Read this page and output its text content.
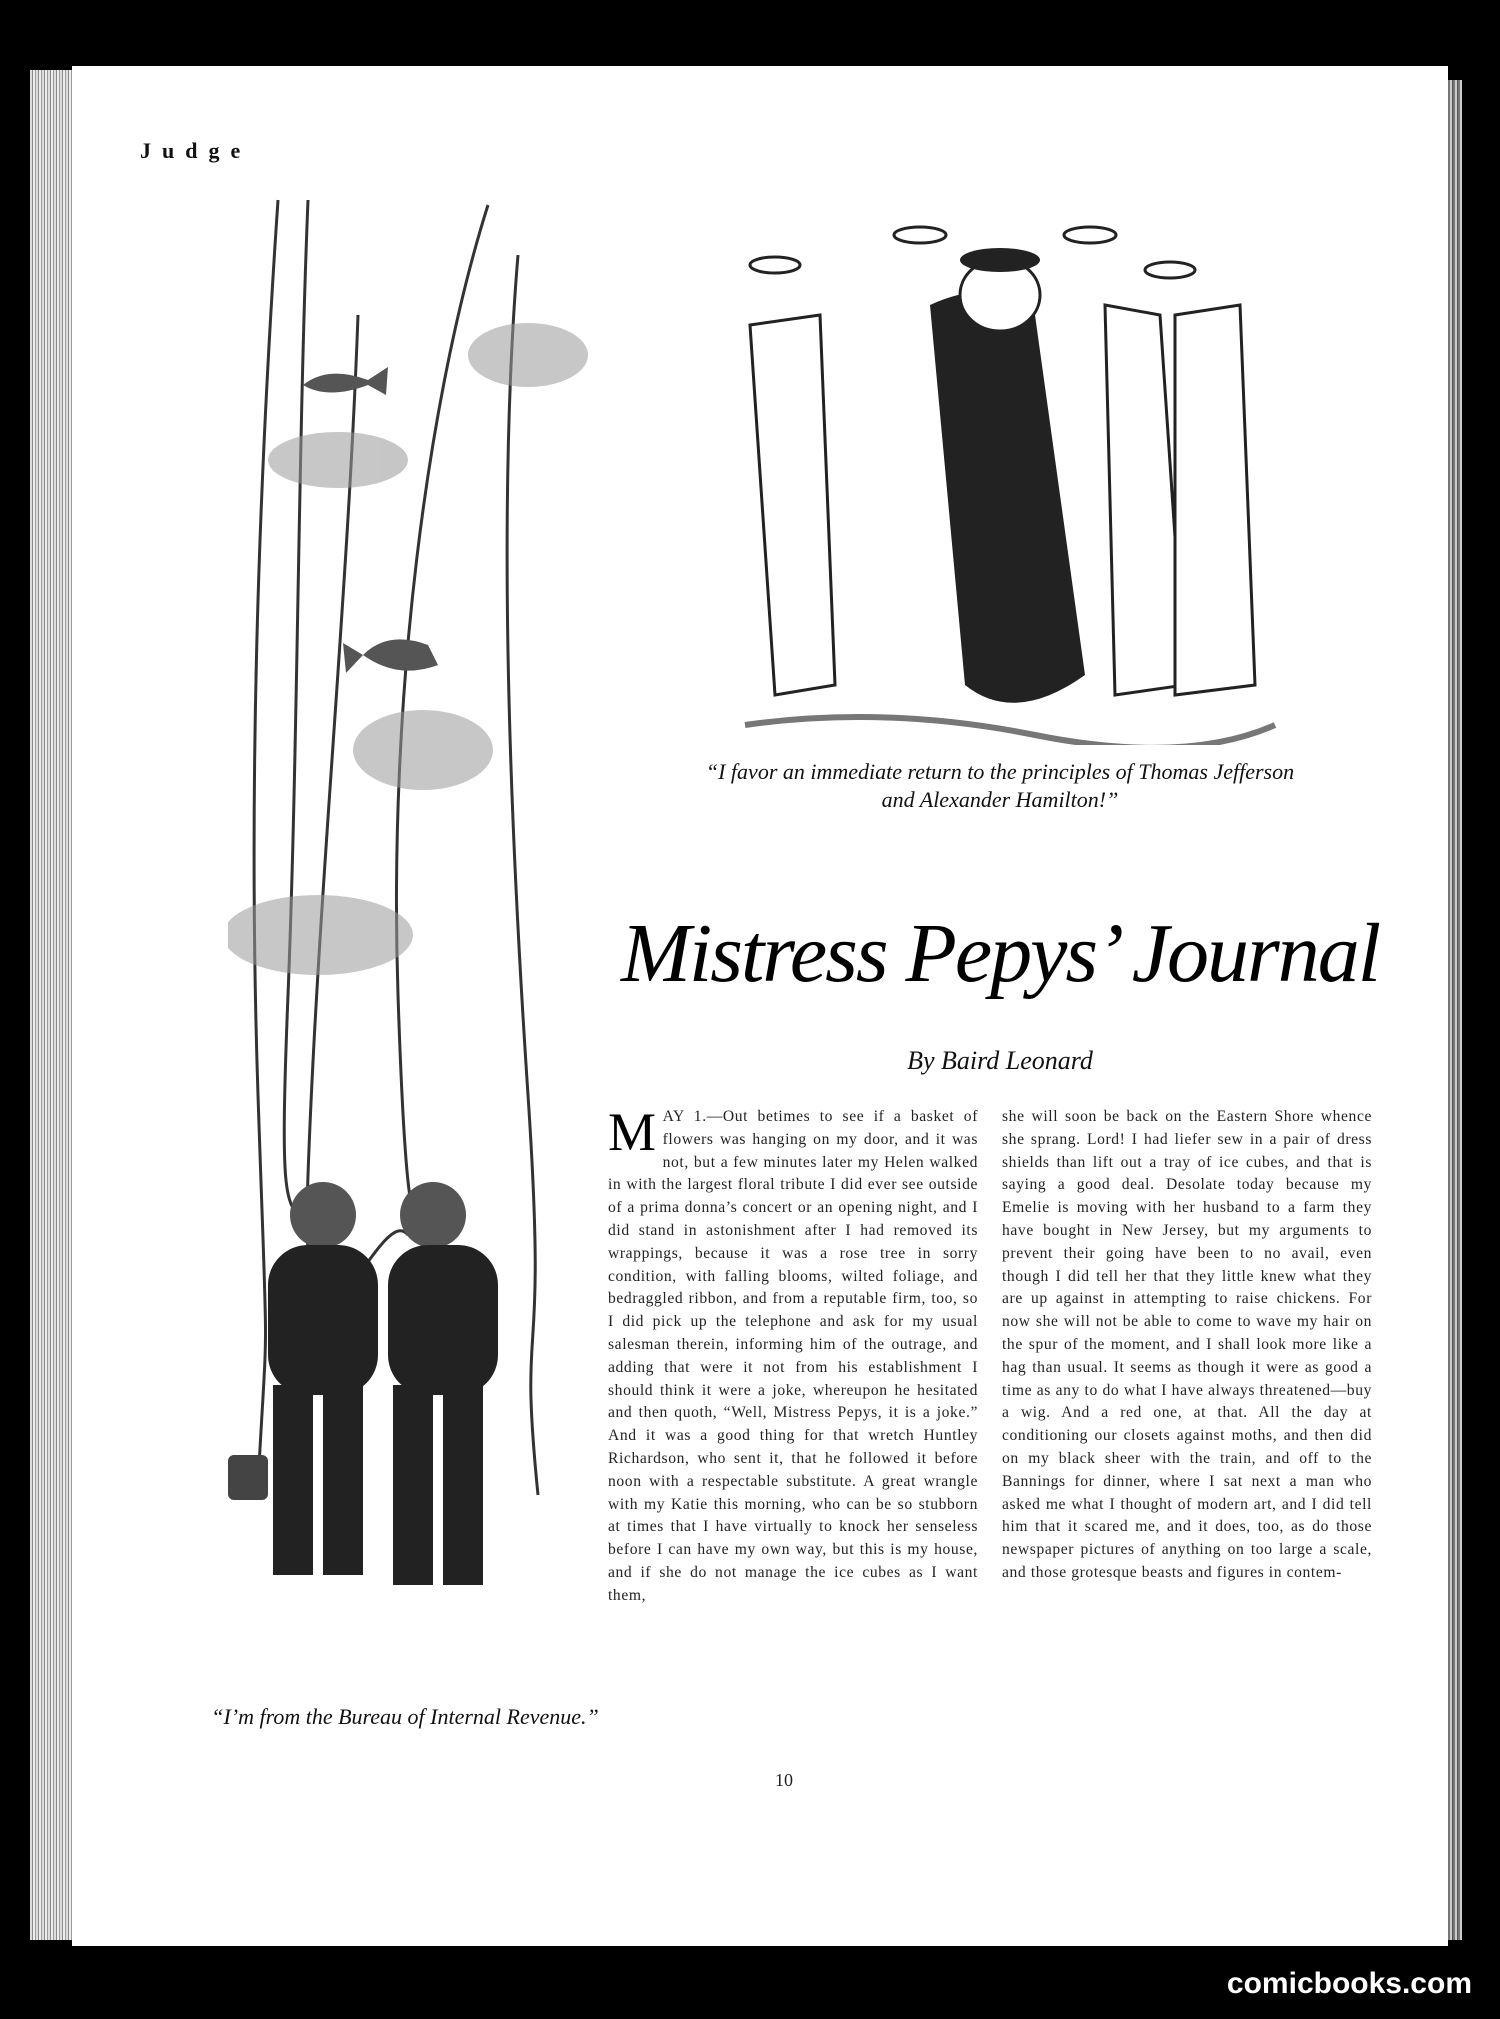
Judge
“I’m from the Bureau of Internal Revenue.”
“I favor an immediate return to the principles of Thomas Jefferson and Alexander Hamilton!”
Mistress Pepys’ Journal
By Baird Leonard

MAY 1.—Out betimes to see if a basket of flowers was hanging on my door, and it was not, but a few minutes later my Helen walked in with the largest floral tribute I did ever see outside of a prima donna’s concert or an opening night, and I did stand in astonishment after I had removed its wrappings, because it was a rose tree in sorry condition, with falling blooms, wilted foliage, and bedraggled ribbon, and from a reputable firm, too, so I did pick up the telephone and ask for my usual salesman therein, informing him of the outrage, and adding that were it not from his establishment I should think it were a joke, whereupon he hesitated and then quoth, “Well, Mistress Pepys, it is a joke.” And it was a good thing for that wretch Huntley Richardson, who sent it, that he followed it before noon with a respectable substitute. A great wrangle with my Katie this morning, who can be so stubborn at times that I have virtually to knock her senseless before I can have my own way, but this is my house, and if she do not manage the ice cubes as I want them,

she will soon be back on the Eastern Shore whence she sprang. Lord! I had liefer sew in a pair of dress shields than lift out a tray of ice cubes, and that is saying a good deal. Desolate today because my Emelie is moving with her husband to a farm they have bought in New Jersey, but my arguments to prevent their going have been to no avail, even though I did tell her that they little knew what they are up against in attempting to raise chickens. For now she will not be able to come to wave my hair on the spur of the moment, and I shall look more like a hag than usual. It seems as though it were as good a time as any to do what I have always threatened—buy a wig. And a red one, at that. All the day at conditioning our closets against moths, and then did on my black sheer with the train, and off to the Bannings for dinner, where I sat next a man who asked me what I thought of modern art, and I did tell him that it scared me, and it does, too, as do those newspaper pictures of anything on too large a scale, and those grotesque beasts and figures in contem-

10
comicbooks.com
